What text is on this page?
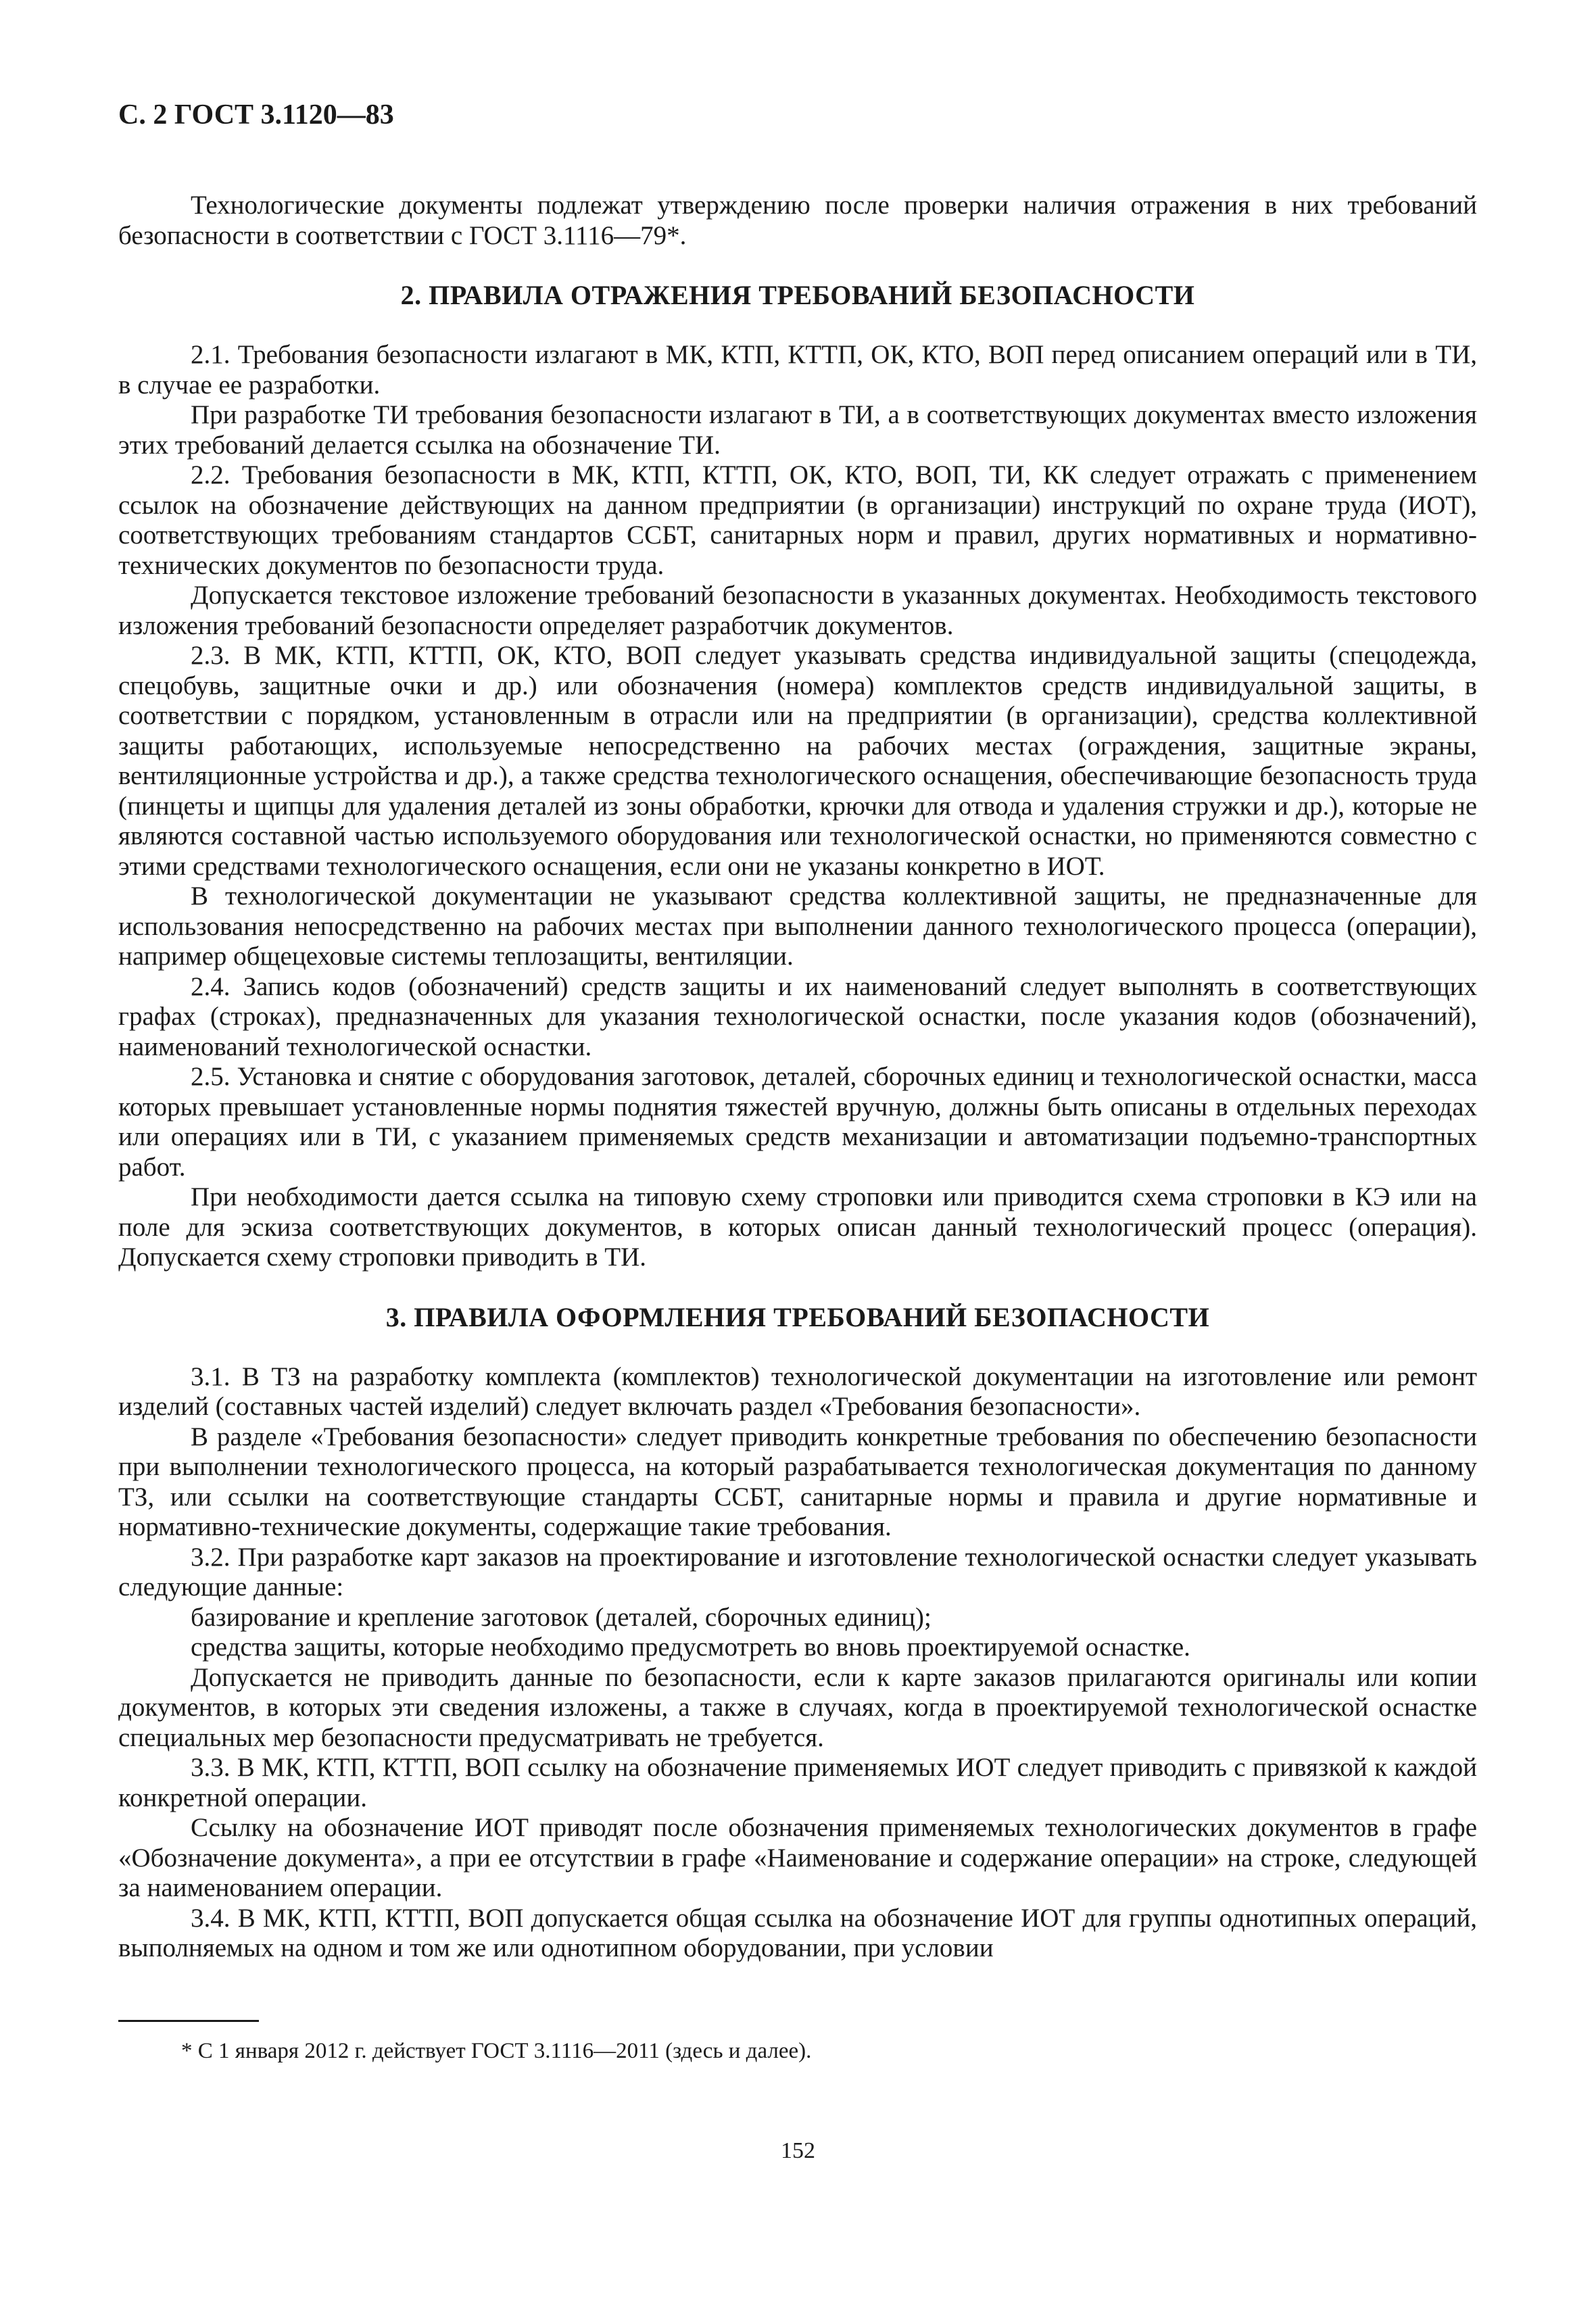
С. 2 ГОСТ 3.1120—83

Технологические документы подлежат утверждению после проверки наличия отражения в них требований безопасности в соответствии с ГОСТ 3.1116—79*.

2. ПРАВИЛА ОТРАЖЕНИЯ ТРЕБОВАНИЙ БЕЗОПАСНОСТИ

2.1. Требования безопасности излагают в МК, КТП, КТТП, ОК, КТО, ВОП перед описанием операций или в ТИ, в случае ее разработки.

При разработке ТИ требования безопасности излагают в ТИ, а в соответствующих документах вместо изложения этих требований делается ссылка на обозначение ТИ.

2.2. Требования безопасности в МК, КТП, КТТП, ОК, КТО, ВОП, ТИ, КК следует отражать с применением ссылок на обозначение действующих на данном предприятии (в организации) инструкций по охране труда (ИОТ), соответствующих требованиям стандартов ССБТ, санитарных норм и правил, других нормативных и нормативно-технических документов по безопасности труда.

Допускается текстовое изложение требований безопасности в указанных документах. Необходимость текстового изложения требований безопасности определяет разработчик документов.

2.3. В МК, КТП, КТТП, ОК, КТО, ВОП следует указывать средства индивидуальной защиты (спецодежда, спецобувь, защитные очки и др.) или обозначения (номера) комплектов средств индивидуальной защиты, в соответствии с порядком, установленным в отрасли или на предприятии (в организации), средства коллективной защиты работающих, используемые непосредственно на рабочих местах (ограждения, защитные экраны, вентиляционные устройства и др.), а также средства технологического оснащения, обеспечивающие безопасность труда (пинцеты и щипцы для удаления деталей из зоны обработки, крючки для отвода и удаления стружки и др.), которые не являются составной частью используемого оборудования или технологической оснастки, но применяются совместно с этими средствами технологического оснащения, если они не указаны конкретно в ИОТ.

В технологической документации не указывают средства коллективной защиты, не предназначенные для использования непосредственно на рабочих местах при выполнении данного технологического процесса (операции), например общецеховые системы теплозащиты, вентиляции.

2.4. Запись кодов (обозначений) средств защиты и их наименований следует выполнять в соответствующих графах (строках), предназначенных для указания технологической оснастки, после указания кодов (обозначений), наименований технологической оснастки.

2.5. Установка и снятие с оборудования заготовок, деталей, сборочных единиц и технологической оснастки, масса которых превышает установленные нормы поднятия тяжестей вручную, должны быть описаны в отдельных переходах или операциях или в ТИ, с указанием применяемых средств механизации и автоматизации подъемно-транспортных работ.

При необходимости дается ссылка на типовую схему строповки или приводится схема строповки в КЭ или на поле для эскиза соответствующих документов, в которых описан данный технологический процесс (операция). Допускается схему строповки приводить в ТИ.

3. ПРАВИЛА ОФОРМЛЕНИЯ ТРЕБОВАНИЙ БЕЗОПАСНОСТИ

3.1. В ТЗ на разработку комплекта (комплектов) технологической документации на изготовление или ремонт изделий (составных частей изделий) следует включать раздел «Требования безопасности».

В разделе «Требования безопасности» следует приводить конкретные требования по обеспечению безопасности при выполнении технологического процесса, на который разрабатывается технологическая документация по данному ТЗ, или ссылки на соответствующие стандарты ССБТ, санитарные нормы и правила и другие нормативные и нормативно-технические документы, содержащие такие требования.

3.2. При разработке карт заказов на проектирование и изготовление технологической оснастки следует указывать следующие данные:

базирование и крепление заготовок (деталей, сборочных единиц);

средства защиты, которые необходимо предусмотреть во вновь проектируемой оснастке.

Допускается не приводить данные по безопасности, если к карте заказов прилагаются оригиналы или копии документов, в которых эти сведения изложены, а также в случаях, когда в проектируемой технологической оснастке специальных мер безопасности предусматривать не требуется.

3.3. В МК, КТП, КТТП, ВОП ссылку на обозначение применяемых ИОТ следует приводить с привязкой к каждой конкретной операции.

Ссылку на обозначение ИОТ приводят после обозначения применяемых технологических документов в графе «Обозначение документа», а при ее отсутствии в графе «Наименование и содержание операции» на строке, следующей за наименованием операции.

3.4. В МК, КТП, КТТП, ВОП допускается общая ссылка на обозначение ИОТ для группы однотипных операций, выполняемых на одном и том же или однотипном оборудовании, при условии

* С 1 января 2012 г. действует ГОСТ 3.1116—2011 (здесь и далее).
152
